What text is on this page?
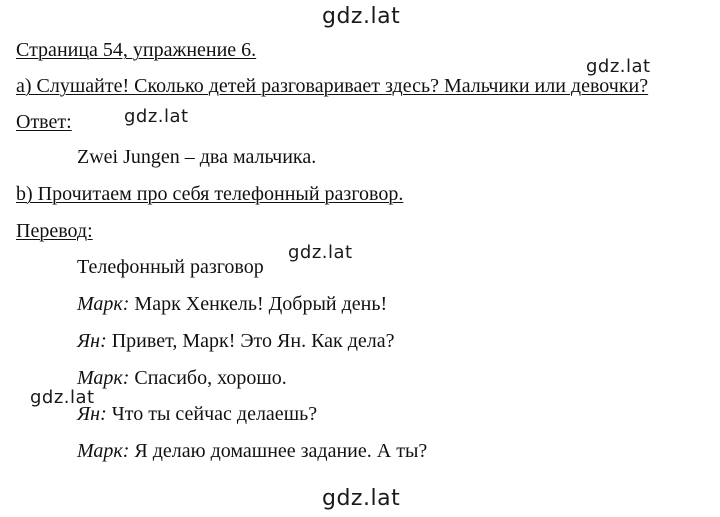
gdz.lat
gdz.lat
gdz.lat
gdz.lat
gdz.lat
gdz.lat
Страница 54, упражнение 6.
а) Слушайте! Сколько детей разговаривает здесь? Мальчики или девочки?
Ответ:
Zwei Jungen – два мальчика.
b) Прочитаем про себя телефонный разговор.
Перевод:
Телефонный разговор
Марк: Марк Хенкель! Добрый день!
Ян: Привет, Марк! Это Ян. Как дела?
Марк: Спасибо, хорошо.
Ян: Что ты сейчас делаешь?
Марк: Я делаю домашнее задание. А ты?
